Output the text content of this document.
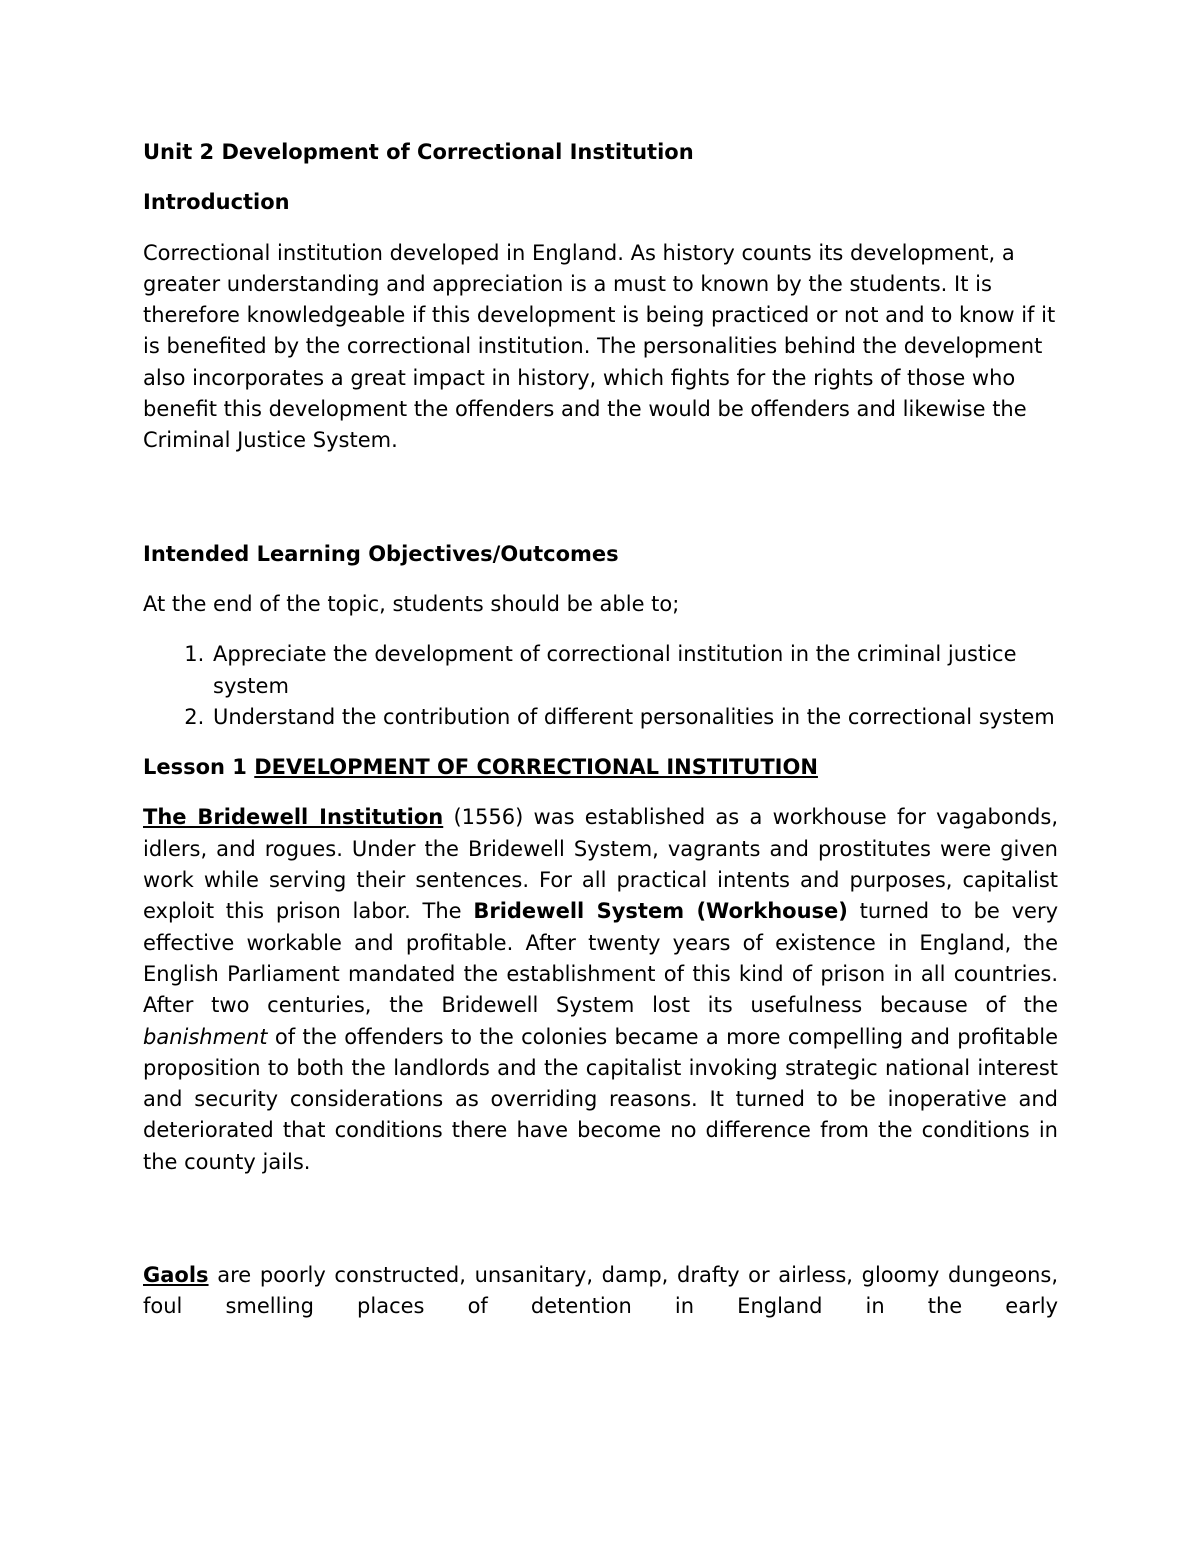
Unit 2 Development of Correctional Institution

Introduction

Correctional institution developed in England. As history counts its development, a greater understanding and appreciation is a must to known by the students. It is therefore knowledgeable if this development is being practiced or not and to know if it is benefited by the correctional institution. The personalities behind the development also incorporates a great impact in history, which fights for the rights of those who benefit this development the offenders and the would be offenders and likewise the Criminal Justice System.

Intended Learning Objectives/Outcomes

At the end of the topic, students should be able to;

1. Appreciate the development of correctional institution in the criminal justice system
2. Understand the contribution of different personalities in the correctional system

Lesson 1 DEVELOPMENT OF CORRECTIONAL INSTITUTION

The Bridewell Institution (1556) was established as a workhouse for vagabonds, idlers, and rogues. Under the Bridewell System, vagrants and prostitutes were given work while serving their sentences. For all practical intents and purposes, capitalist exploit this prison labor. The Bridewell System (Workhouse) turned to be very effective workable and profitable. After twenty years of existence in England, the English Parliament mandated the establishment of this kind of prison in all countries. After two centuries, the Bridewell System lost its usefulness because of the banishment of the offenders to the colonies became a more compelling and profitable proposition to both the landlords and the capitalist invoking strategic national interest and security considerations as overriding reasons. It turned to be inoperative and deteriorated that conditions there have become no difference from the conditions in the county jails.

Gaols are poorly constructed, unsanitary, damp, drafty or airless, gloomy dungeons, foul smelling places of detention in England in the early
